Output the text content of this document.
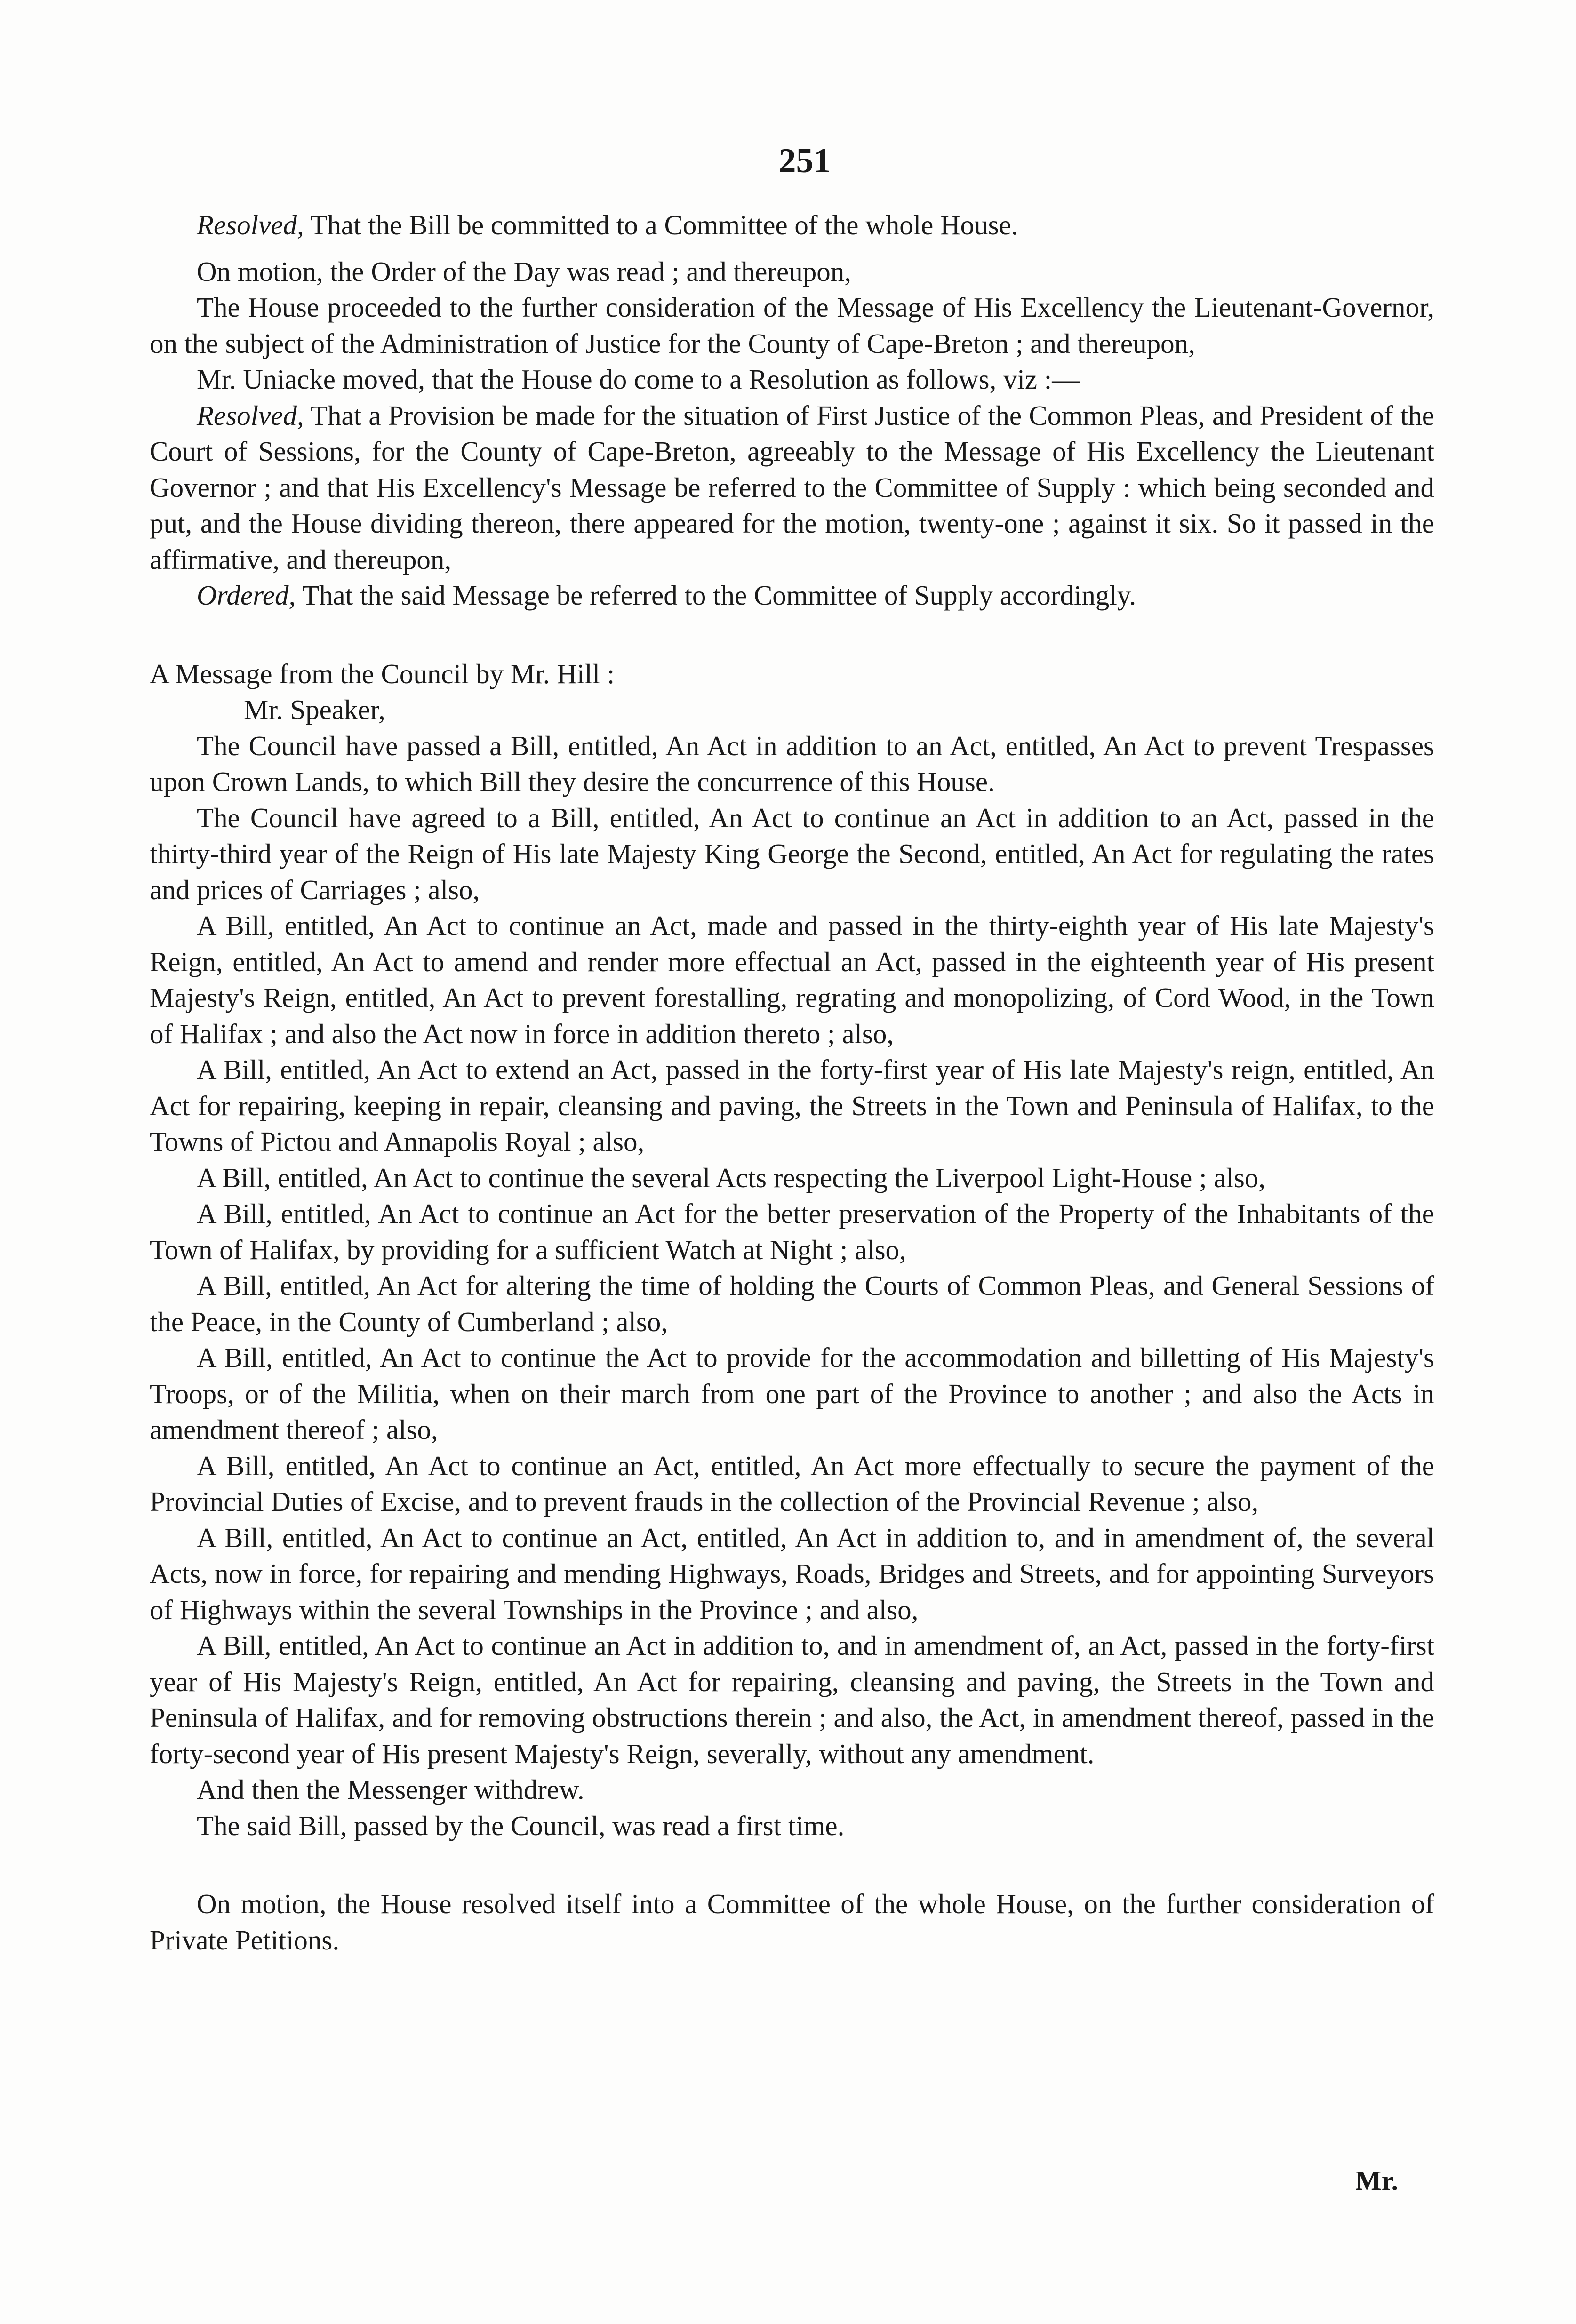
251

Resolved, That the Bill be committed to a Committee of the whole House.

On motion, the Order of the Day was read ; and thereupon,

The House proceeded to the further consideration of the Message of His Excellency the Lieutenant-Governor, on the subject of the Administration of Justice for the County of Cape-Breton ; and thereupon,

Mr. Uniacke moved, that the House do come to a Resolution as follows, viz :—

Resolved, That a Provision be made for the situation of First Justice of the Common Pleas, and President of the Court of Sessions, for the County of Cape-Breton, agreeably to the Message of His Excellency the Lieutenant Governor ; and that His Excellency's Message be referred to the Committee of Supply : which being seconded and put, and the House dividing thereon, there appeared for the motion, twenty-one ; against it six. So it passed in the affirmative, and thereupon,

Ordered, That the said Message be referred to the Committee of Supply accordingly.

A Message from the Council by Mr. Hill :

Mr. Speaker,

The Council have passed a Bill, entitled, An Act in addition to an Act, entitled, An Act to prevent Trespasses upon Crown Lands, to which Bill they desire the concurrence of this House.

The Council have agreed to a Bill, entitled, An Act to continue an Act in addition to an Act, passed in the thirty-third year of the Reign of His late Majesty King George the Second, entitled, An Act for regulating the rates and prices of Carriages ; also,

A Bill, entitled, An Act to continue an Act, made and passed in the thirty-eighth year of His late Majesty's Reign, entitled, An Act to amend and render more effectual an Act, passed in the eighteenth year of His present Majesty's Reign, entitled, An Act to prevent forestalling, regrating and monopolizing, of Cord Wood, in the Town of Halifax ; and also the Act now in force in addition thereto ; also,

A Bill, entitled, An Act to extend an Act, passed in the forty-first year of His late Majesty's reign, entitled, An Act for repairing, keeping in repair, cleansing and paving, the Streets in the Town and Peninsula of Halifax, to the Towns of Pictou and Annapolis Royal ; also,

A Bill, entitled, An Act to continue the several Acts respecting the Liverpool Light-House ; also,

A Bill, entitled, An Act to continue an Act for the better preservation of the Property of the Inhabitants of the Town of Halifax, by providing for a sufficient Watch at Night ; also,

A Bill, entitled, An Act for altering the time of holding the Courts of Common Pleas, and General Sessions of the Peace, in the County of Cumberland ; also,

A Bill, entitled, An Act to continue the Act to provide for the accommodation and billetting of His Majesty's Troops, or of the Militia, when on their march from one part of the Province to another ; and also the Acts in amendment thereof ; also,

A Bill, entitled, An Act to continue an Act, entitled, An Act more effectually to secure the payment of the Provincial Duties of Excise, and to prevent frauds in the collection of the Provincial Revenue ; also,

A Bill, entitled, An Act to continue an Act, entitled, An Act in addition to, and in amendment of, the several Acts, now in force, for repairing and mending Highways, Roads, Bridges and Streets, and for appointing Surveyors of Highways within the several Townships in the Province ; and also,

A Bill, entitled, An Act to continue an Act in addition to, and in amendment of, an Act, passed in the forty-first year of His Majesty's Reign, entitled, An Act for repairing, cleansing and paving, the Streets in the Town and Peninsula of Halifax, and for removing obstructions therein ; and also, the Act, in amendment thereof, passed in the forty-second year of His present Majesty's Reign, severally, without any amendment.

And then the Messenger withdrew.

The said Bill, passed by the Council, was read a first time.

On motion, the House resolved itself into a Committee of the whole House, on the further consideration of Private Petitions.

Mr.
